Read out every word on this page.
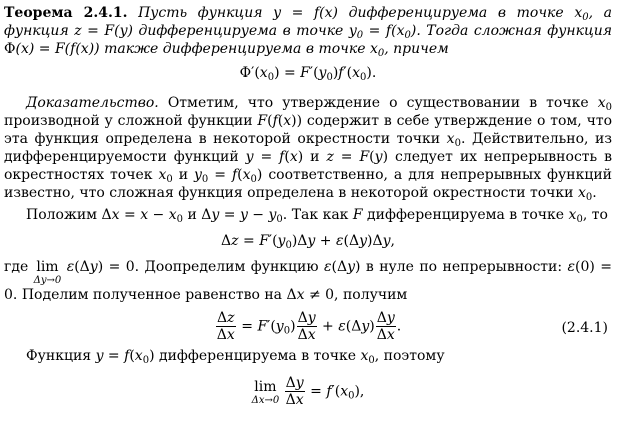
Теорема 2.4.1. Пусть функция y = f(x) дифференцируема в точке $x_0$, а функция z = F(y) дифференцируема в точке $y_0 = f(x_0)$. Тогда сложная функция Φ(x) = F(f(x)) также дифференцируема в точке $x_0$, причем

$\Phi'(x_0) = F'(y_0)f'(x_0)$.

Доказательство. Отметим, что утверждение о существовании в точке $x_0$ производной у сложной функции F(f(x)) содержит в себе утверждение о том, что эта функция определена в некоторой окрестности точки $x_0$. Действительно, из дифференцируемости функций y = f(x) и z = F(y) следует их непрерывность в окрестностях точек $x_0$ и $y_0 = f(x_0)$ соответственно, а для непрерывных функций известно, что сложная функция определена в некоторой окрестности точки $x_0$.

Положим $\Delta x = x - x_0$ и $\Delta y = y - y_0$. Так как F дифференцируема в точке $x_0$, то

$\Delta z = F'(y_0)\Delta y + \varepsilon(\Delta y)\Delta y$,

где lim
Δy→0
ε(Δy) = 0. Доопределим функцию ε(Δy) в нуле по непрерывности: ε(0) = 0. Поделим полученное равенство на Δx ≠ 0, получим

$\frac{\Delta z}{\Delta x} = F'(y_0) \frac{\Delta y}{\Delta x} + \varepsilon(\Delta y) \frac{\Delta y}{\Delta x}$ .	(2.4.1)

Функция $y = f(x_0)$ дифференцируема в точке $x_0$, поэтому

lim
Δx→0
$\frac{\Delta y}{\Delta x} = f'(x_0)$,
